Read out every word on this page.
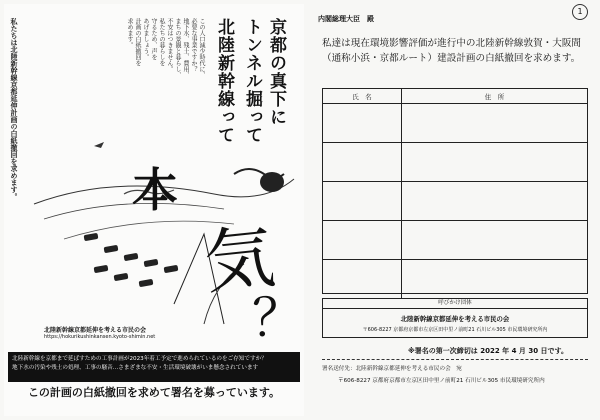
京都の真下に
トンネル掘って
北陸新幹線って
この人口減少時代に、
必要な事業ですか？
地下水、残土、費用、
まちの景観と暮らし、
不安はつきません。
私たちの暮らしを
守るため、声を
あげましょう。
計画の白紙撤回を
求めます。
私たちは北陸新幹線京都延伸計画の白紙撤回を求めます。 本
気
？
北陸新幹線京都延伸を考える市民の会
https://hokurikushinkansen.kyoto-shimin.net
北陸新幹線を京都まで延ばすための工事計画が2023年着工予定で進められているのをご存知ですか？
地下水の汚染や残土の処理、工事の騒音…さまざまな不安・生活環境破壊がいま懸念されています
この計画の白紙撤回を求めて署名を募っています。
1
内閣総理大臣　殿
私達は現在環境影響評価が進行中の北陸新幹線敦賀・大阪間（通称小浜・京都ルート）建設計画の白紙撤回を求めます。
氏　名	住　所
呼びかけ団体
北陸新幹線京都延伸を考える市民の会
〒606-8227 京都府京都市左京区田中里ノ前町21 石川ビル305 市民環境研究所内
※署名の第一次締切は 2022 年 4 月 30 日です。
署名送付先：北陸新幹線京都延伸を考える市民の会　宛
〒606-8227 京都府京都市左京区田中里ノ前町21 石川ビル305 市民環境研究所内
